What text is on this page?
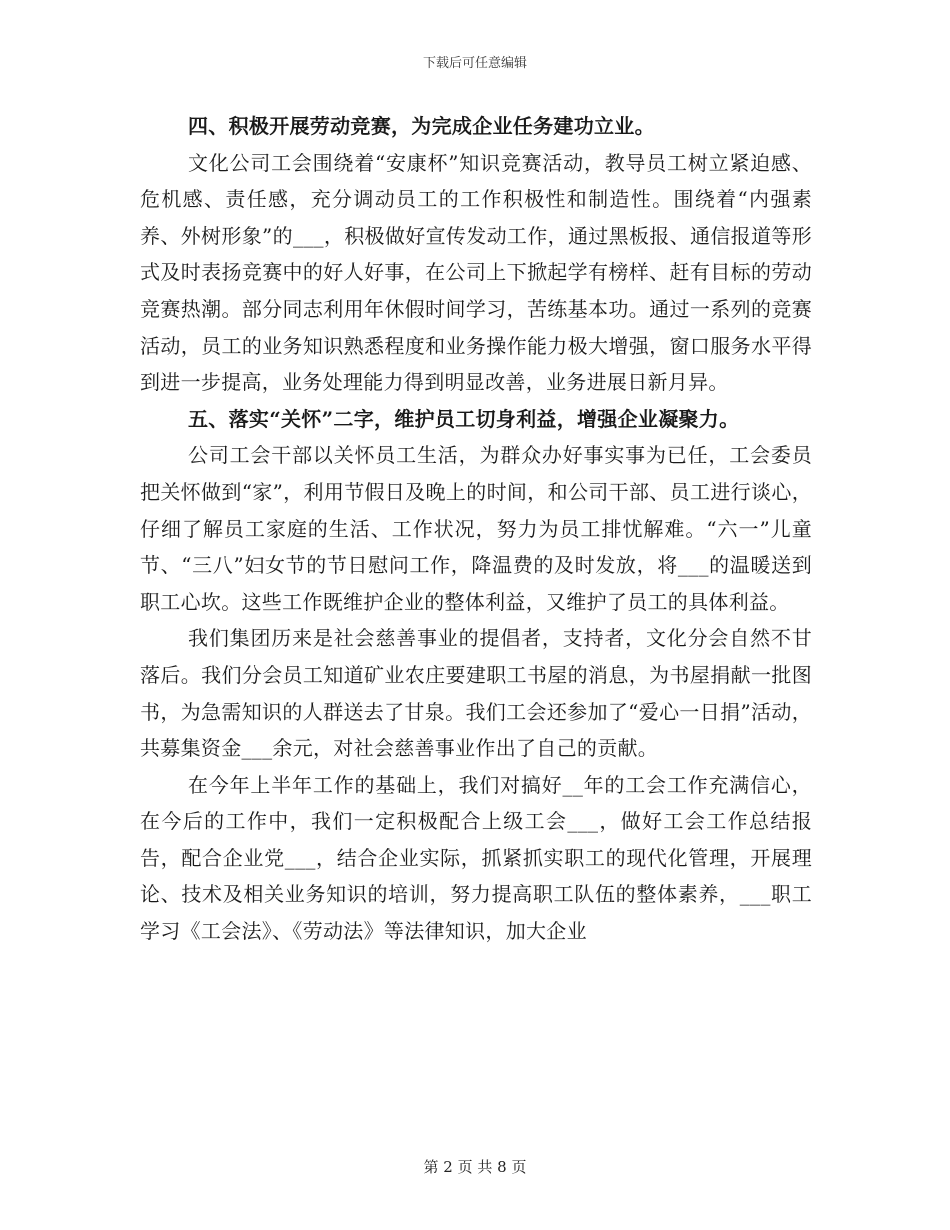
下载后可任意编辑

四、积极开展劳动竞赛，为完成企业任务建功立业。

文化公司工会围绕着“安康杯”知识竞赛活动，教导员工树立紧迫感、危机感、责任感，充分调动员工的工作积极性和制造性。围绕着“内强素养、外树形象”的___，积极做好宣传发动工作，通过黑板报、通信报道等形式及时表扬竞赛中的好人好事，在公司上下掀起学有榜样、赶有目标的劳动竞赛热潮。部分同志利用年休假时间学习，苦练基本功。通过一系列的竞赛活动，员工的业务知识熟悉程度和业务操作能力极大增强，窗口服务水平得到进一步提高，业务处理能力得到明显改善，业务进展日新月异。

五、落实“关怀”二字，维护员工切身利益，增强企业凝聚力。

公司工会干部以关怀员工生活，为群众办好事实事为已任，工会委员把关怀做到“家”，利用节假日及晚上的时间，和公司干部、员工进行谈心，仔细了解员工家庭的生活、工作状况，努力为员工排忧解难。“六一”儿童节、“三八”妇女节的节日慰问工作，降温费的及时发放，将___的温暖送到职工心坎。这些工作既维护企业的整体利益，又维护了员工的具体利益。

我们集团历来是社会慈善事业的提倡者，支持者，文化分会自然不甘落后。我们分会员工知道矿业农庄要建职工书屋的消息，为书屋捐献一批图书，为急需知识的人群送去了甘泉。我们工会还参加了“爱心一日捐”活动，共募集资金___余元，对社会慈善事业作出了自己的贡献。

在今年上半年工作的基础上，我们对搞好__年的工会工作充满信心，在今后的工作中，我们一定积极配合上级工会___，做好工会工作总结报告，配合企业党___，结合企业实际，抓紧抓实职工的现代化管理，开展理论、技术及相关业务知识的培训，努力提高职工队伍的整体素养，___职工学习《工会法》、《劳动法》等法律知识，加大企业

第 2 页 共 8 页
